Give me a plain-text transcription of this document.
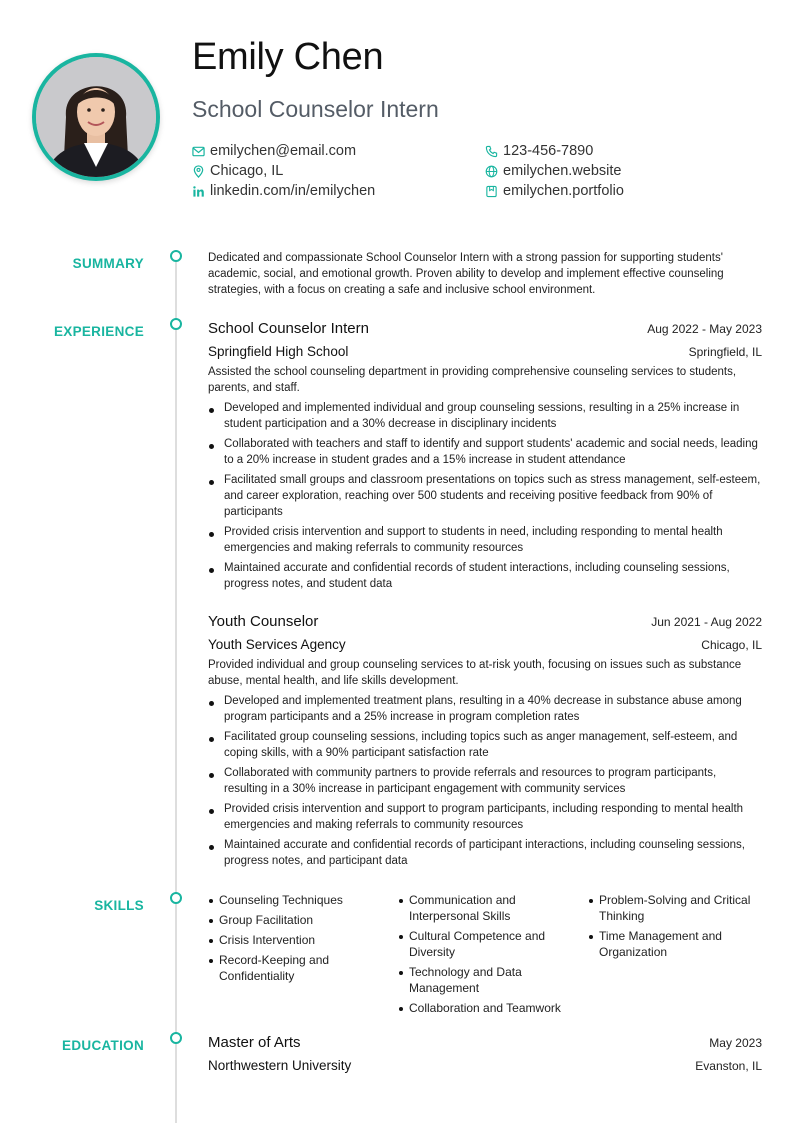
Emily Chen
School Counselor Intern
emilychen@email.com	123-456-7890
Chicago, IL	emilychen.website
linkedin.com/in/emilychen	emilychen.portfolio
SUMMARY	Dedicated and compassionate School Counselor Intern with a strong passion for supporting students' academic, social, and emotional growth. Proven ability to develop and implement effective counseling strategies, with a focus on creating a safe and inclusive school environment.
EXPERIENCE	School Counselor Intern	Aug 2022 - May 2023
Springfield High School	Springfield, IL
Assisted the school counseling department in providing comprehensive counseling services to students, parents, and staff.
Developed and implemented individual and group counseling sessions, resulting in a 25% increase in student participation and a 30% decrease in disciplinary incidents
Collaborated with teachers and staff to identify and support students' academic and social needs, leading to a 20% increase in student grades and a 15% increase in student attendance
Facilitated small groups and classroom presentations on topics such as stress management, self-esteem, and career exploration, reaching over 500 students and receiving positive feedback from 90% of participants
Provided crisis intervention and support to students in need, including responding to mental health emergencies and making referrals to community resources
Maintained accurate and confidential records of student interactions, including counseling sessions, progress notes, and student data
Youth Counselor	Jun 2021 - Aug 2022
Youth Services Agency	Chicago, IL
Provided individual and group counseling services to at-risk youth, focusing on issues such as substance abuse, mental health, and life skills development.
Developed and implemented treatment plans, resulting in a 40% decrease in substance abuse among program participants and a 25% increase in program completion rates
Facilitated group counseling sessions, including topics such as anger management, self-esteem, and coping skills, with a 90% participant satisfaction rate
Collaborated with community partners to provide referrals and resources to program participants, resulting in a 30% increase in participant engagement with community services
Provided crisis intervention and support to program participants, including responding to mental health emergencies and making referrals to community resources
Maintained accurate and confidential records of participant interactions, including counseling sessions, progress notes, and participant data
SKILLS	Counseling Techniques
Group Facilitation
Crisis Intervention
Record-Keeping and Confidentiality
Communication and Interpersonal Skills
Cultural Competence and Diversity
Technology and Data Management
Collaboration and Teamwork
Problem-Solving and Critical Thinking
Time Management and Organization
EDUCATION	Master of Arts	May 2023
Northwestern University	Evanston, IL
